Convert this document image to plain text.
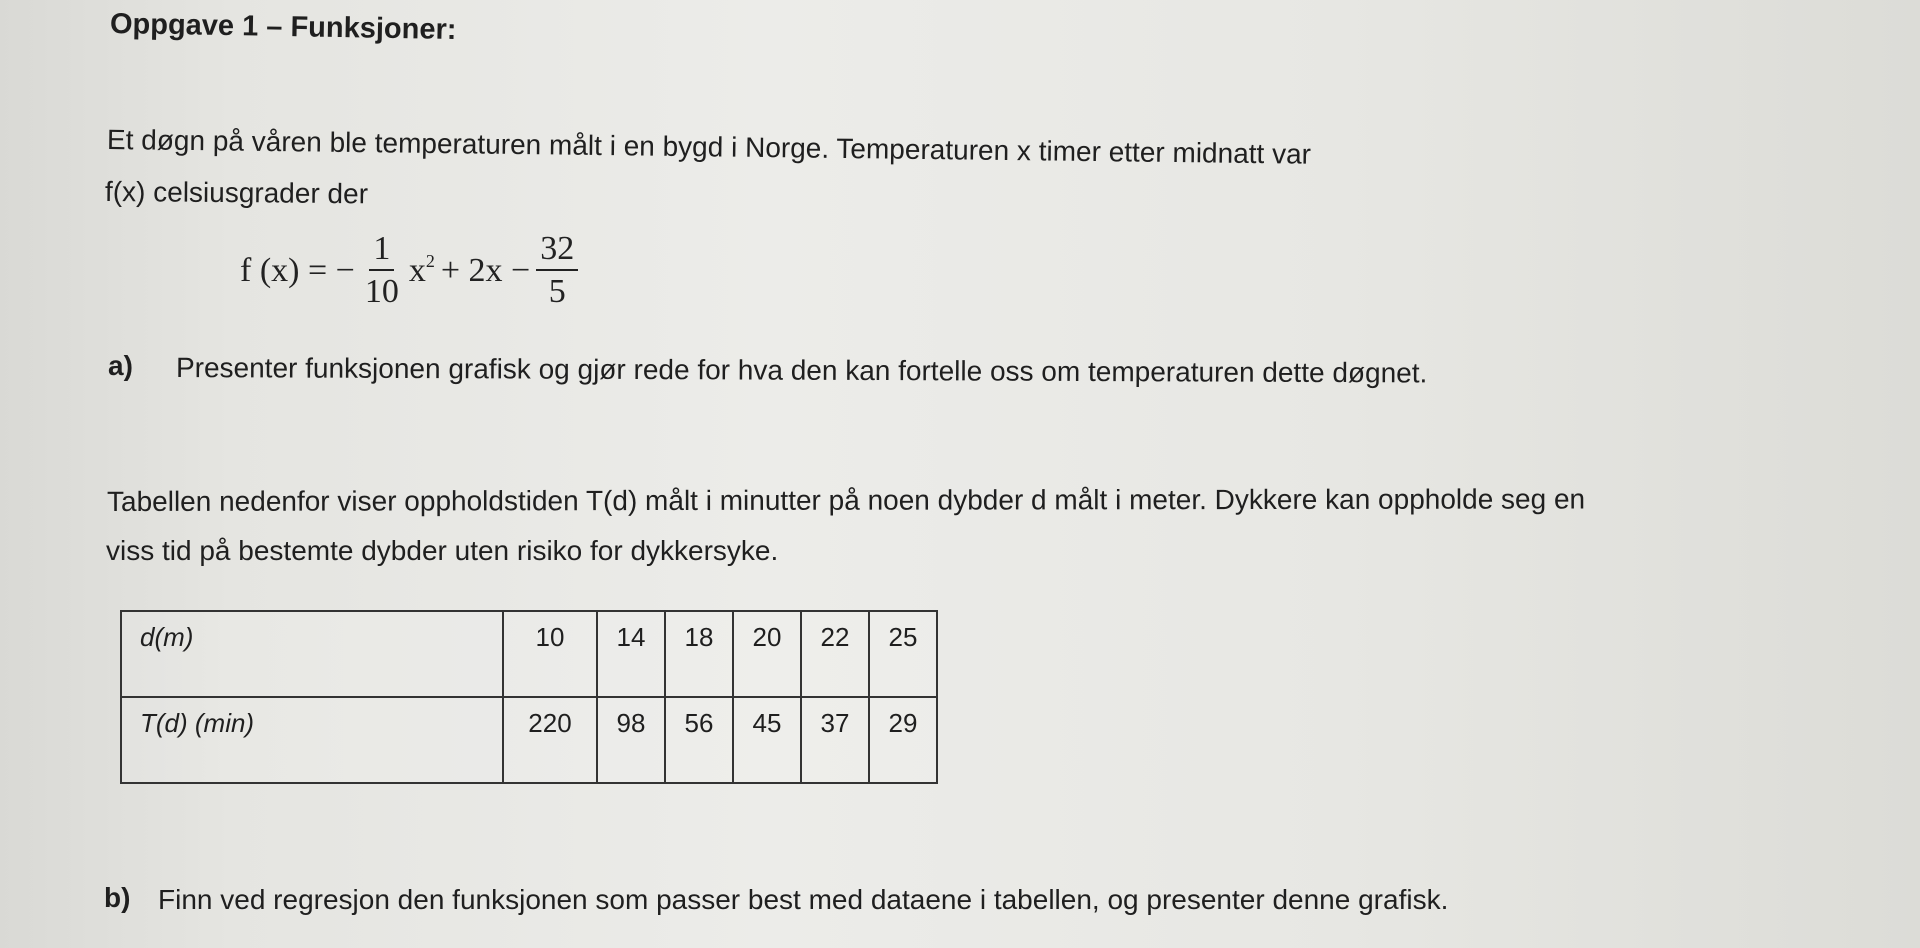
Oppgave 1 – Funksjoner:

Et døgn på våren ble temperaturen målt i en bygd i Norge. Temperaturen x timer etter midnatt var

f(x) celsiusgrader der

f (x) = − $\frac{1}{10} x^2 + 2x - \frac{32}{5}$
a) Presenter funksjonen grafisk og gjør rede for hva den kan fortelle oss om temperaturen dette døgnet.

Tabellen nedenfor viser oppholdstiden T(d) målt i minutter på noen dybder d målt i meter. Dykkere kan oppholde seg en

viss tid på bestemte dybder uten risiko for dykkersyke.

d(m)	10	14	18	20	22	25
T(d) (min)	220	98	56	45	37	29
b) Finn ved regresjon den funksjonen som passer best med dataene i tabellen, og presenter denne grafisk.
